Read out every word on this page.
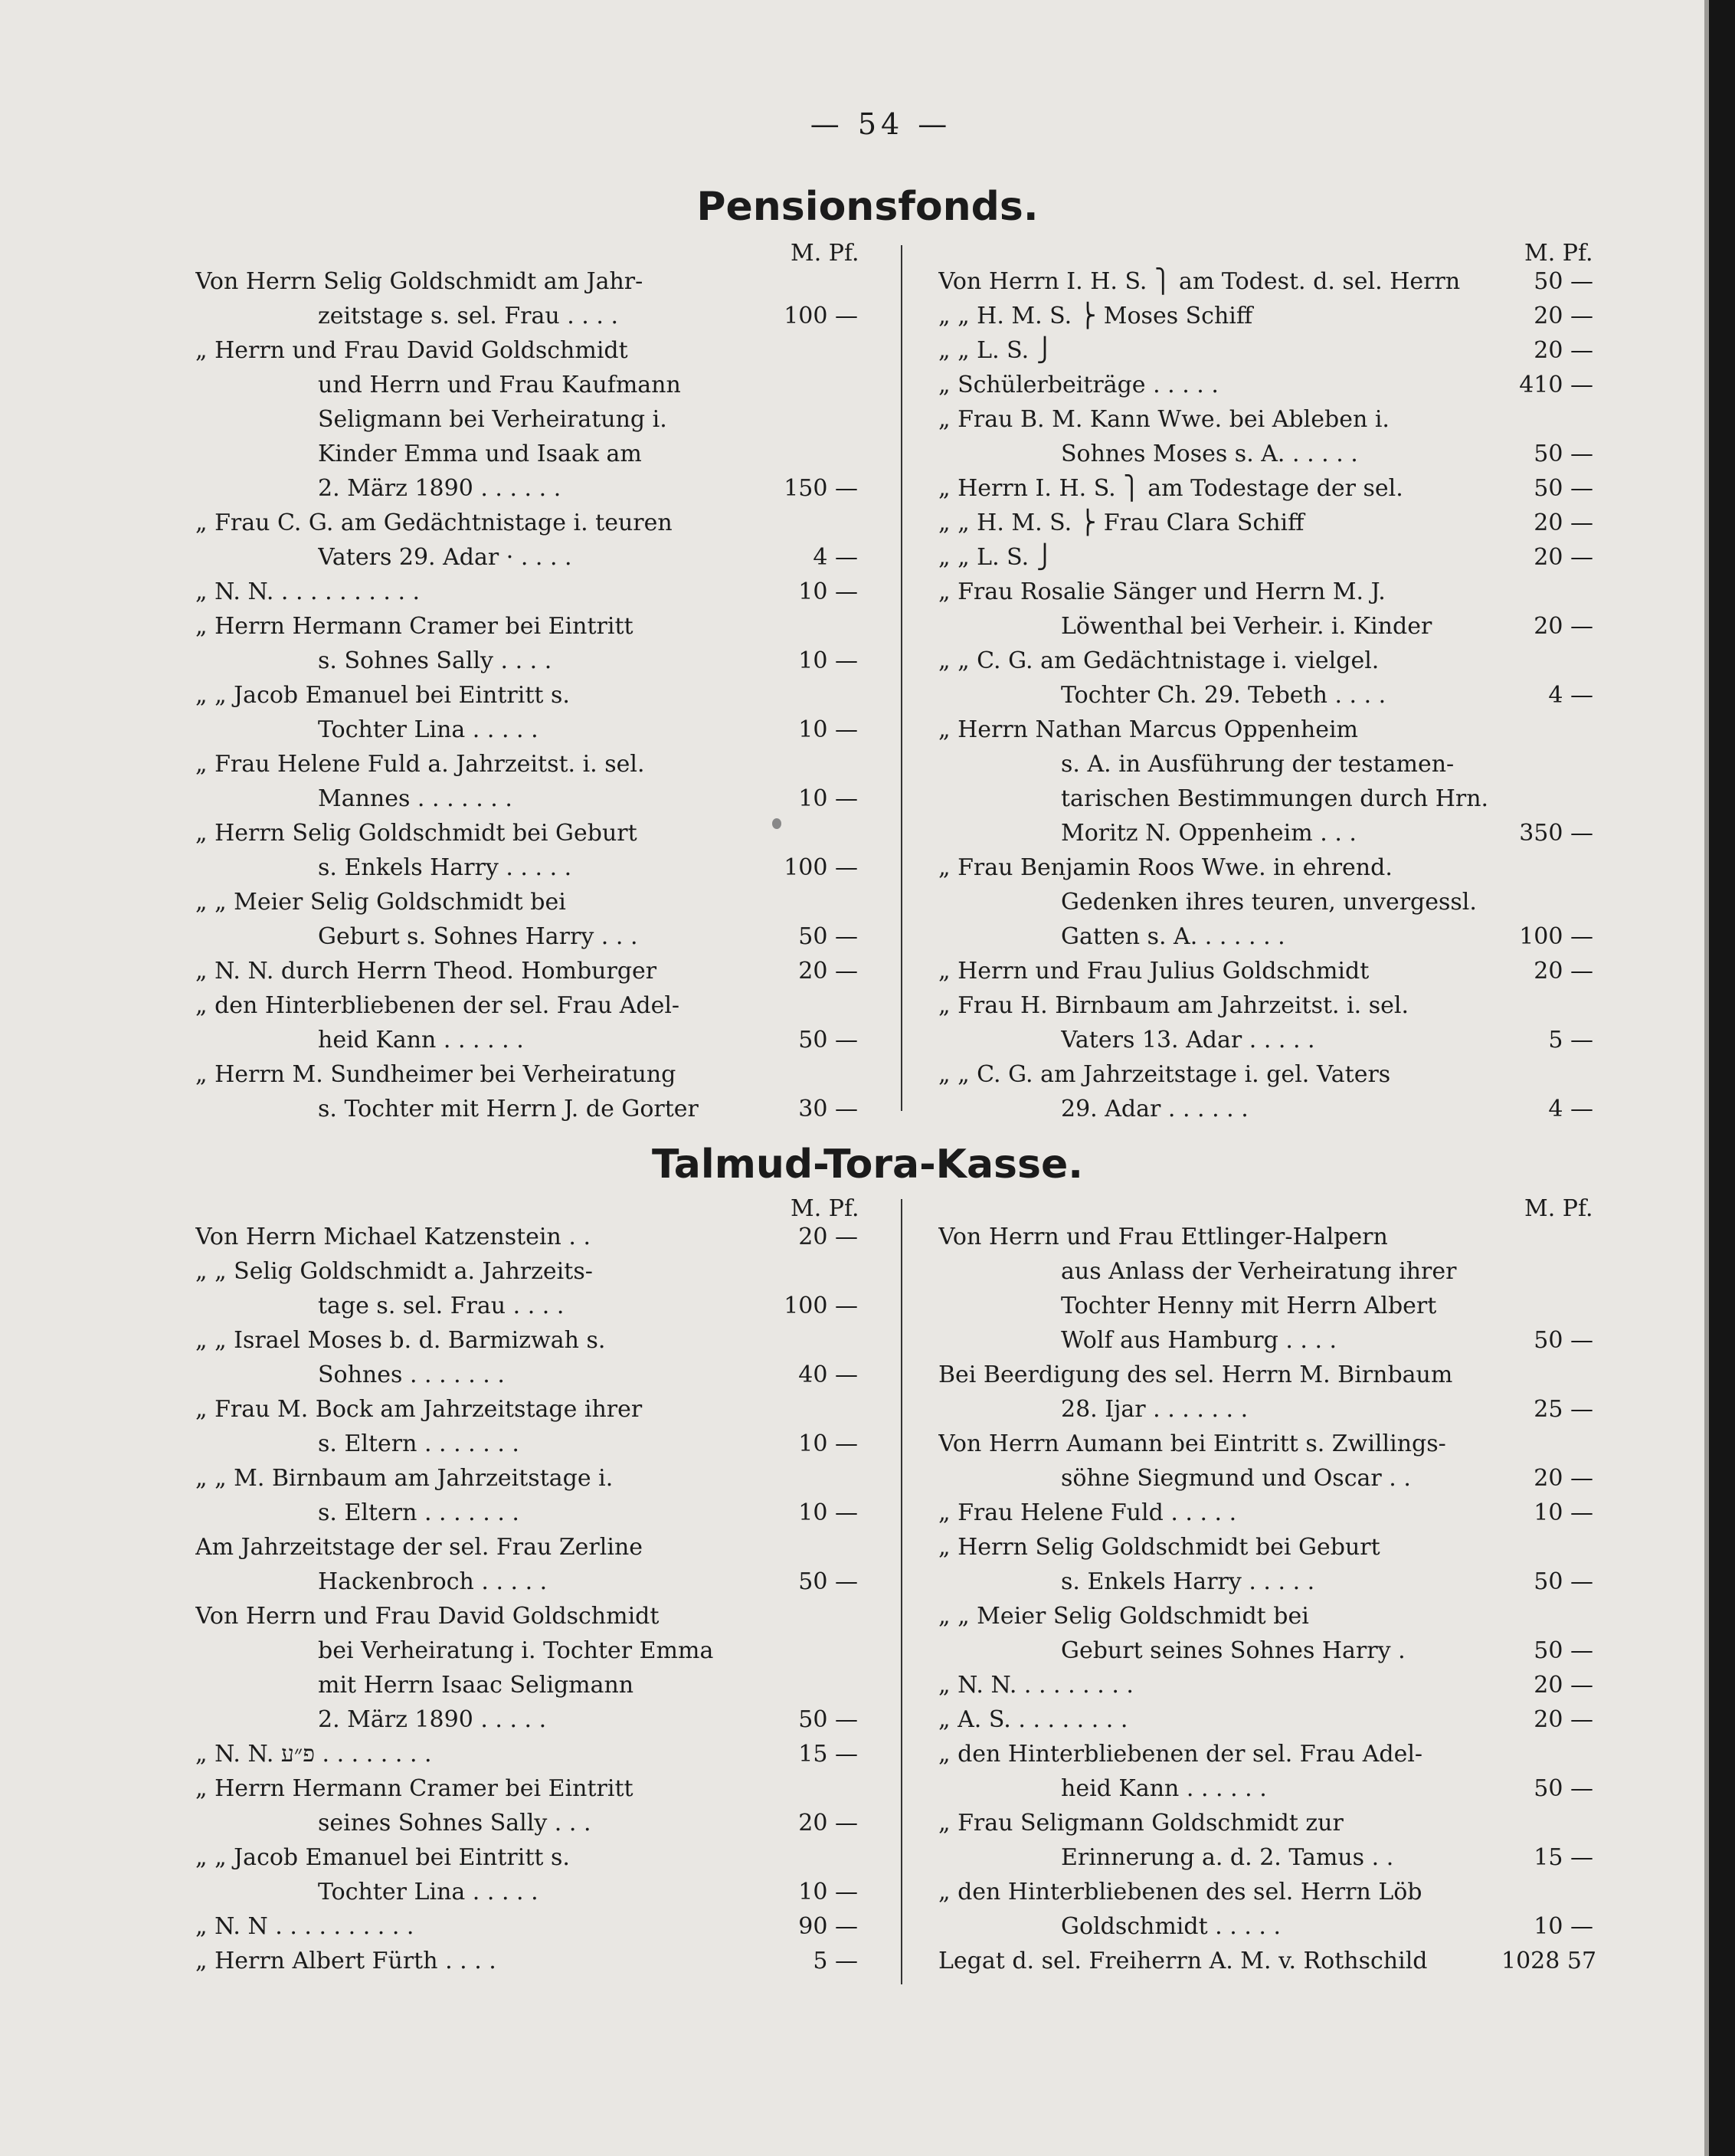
— 54 —
Pensionsfonds.
M. Pf.
Von Herrn Selig Goldschmidt am Jahr-
zeitstage s. sel. Frau . . . .	100 —
„ Herrn und Frau David Goldschmidt
und Herrn und Frau Kaufmann
Seligmann bei Verheiratung i.
Kinder Emma und Isaak am
2. März 1890 . . . . . .	150 —
„ Frau C. G. am Gedächtnistage i. teuren
Vaters 29. Adar · . . . .	4 —
„ N. N. . . . . . . . . . .	10 —
„ Herrn Hermann Cramer bei Eintritt
s. Sohnes Sally . . . .	10 —
„ „ Jacob Emanuel bei Eintritt s.
Tochter Lina . . . . .	10 —
„ Frau Helene Fuld a. Jahrzeitst. i. sel.
Mannes . . . . . . .	10 —
„ Herrn Selig Goldschmidt bei Geburt
s. Enkels Harry . . . . .	100 —
„ „ Meier Selig Goldschmidt bei
Geburt s. Sohnes Harry . . .	50 —
„ N. N. durch Herrn Theod. Homburger	20 —
„ den Hinterbliebenen der sel. Frau Adel-
heid Kann . . . . . .	50 —
„ Herrn M. Sundheimer bei Verheiratung
s. Tochter mit Herrn J. de Gorter	30 —
M. Pf.
Von Herrn I. H. S. ⎫ am Todest. d. sel. Herrn	50 —
„ „ H. M. S. ⎬ Moses Schiff	20 —
„ „ L. S. ⎭	20 —
„ Schülerbeiträge . . . . .	410 —
„ Frau B. M. Kann Wwe. bei Ableben i.
Sohnes Moses s. A. . . . . .	50 —
„ Herrn I. H. S. ⎫ am Todestage der sel.	50 —
„ „ H. M. S. ⎬ Frau Clara Schiff	20 —
„ „ L. S. ⎭	20 —
„ Frau Rosalie Sänger und Herrn M. J.
Löwenthal bei Verheir. i. Kinder	20 —
„ „ C. G. am Gedächtnistage i. vielgel.
Tochter Ch. 29. Tebeth . . . .	4 —
„ Herrn Nathan Marcus Oppenheim
s. A. in Ausführung der testamen-
tarischen Bestimmungen durch Hrn.
Moritz N. Oppenheim . . .	350 —
„ Frau Benjamin Roos Wwe. in ehrend.
Gedenken ihres teuren, unvergessl.
Gatten s. A. . . . . . .	100 —
„ Herrn und Frau Julius Goldschmidt	20 —
„ Frau H. Birnbaum am Jahrzeitst. i. sel.
Vaters 13. Adar . . . . .	5 —
„ „ C. G. am Jahrzeitstage i. gel. Vaters
29. Adar . . . . . .	4 —
Talmud-Tora-Kasse.
M. Pf.
Von Herrn Michael Katzenstein . .	20 —
„ „ Selig Goldschmidt a. Jahrzeits-
tage s. sel. Frau . . . .	100 —
„ „ Israel Moses b. d. Barmizwah s.
Sohnes . . . . . . .	40 —
„ Frau M. Bock am Jahrzeitstage ihrer
s. Eltern . . . . . . .	10 —
„ „ M. Birnbaum am Jahrzeitstage i.
s. Eltern . . . . . . .	10 —
Am Jahrzeitstage der sel. Frau Zerline
Hackenbroch . . . . .	50 —
Von Herrn und Frau David Goldschmidt
bei Verheiratung i. Tochter Emma
mit Herrn Isaac Seligmann
2. März 1890 . . . . .	50 —
„ N. N. פ״ע . . . . . . . .	15 —
„ Herrn Hermann Cramer bei Eintritt
seines Sohnes Sally . . .	20 —
„ „ Jacob Emanuel bei Eintritt s.
Tochter Lina . . . . .	10 —
„ N. N . . . . . . . . . .	90 —
„ Herrn Albert Fürth . . . .	5 —
M. Pf.
Von Herrn und Frau Ettlinger-Halpern
aus Anlass der Verheiratung ihrer
Tochter Henny mit Herrn Albert
Wolf aus Hamburg . . . .	50 —
Bei Beerdigung des sel. Herrn M. Birnbaum
28. Ijar . . . . . . .	25 —
Von Herrn Aumann bei Eintritt s. Zwillings-
söhne Siegmund und Oscar . .	20 —
„ Frau Helene Fuld . . . . .	10 —
„ Herrn Selig Goldschmidt bei Geburt
s. Enkels Harry . . . . .	50 —
„ „ Meier Selig Goldschmidt bei
Geburt seines Sohnes Harry .	50 —
„ N. N. . . . . . . . .	20 —
„ A. S. . . . . . . . .	20 —
„ den Hinterbliebenen der sel. Frau Adel-
heid Kann . . . . . .	50 —
„ Frau Seligmann Goldschmidt zur
Erinnerung a. d. 2. Tamus . .	15 —
„ den Hinterbliebenen des sel. Herrn Löb
Goldschmidt . . . . .	10 —
Legat d. sel. Freiherrn A. M. v. Rothschild	1028 57
